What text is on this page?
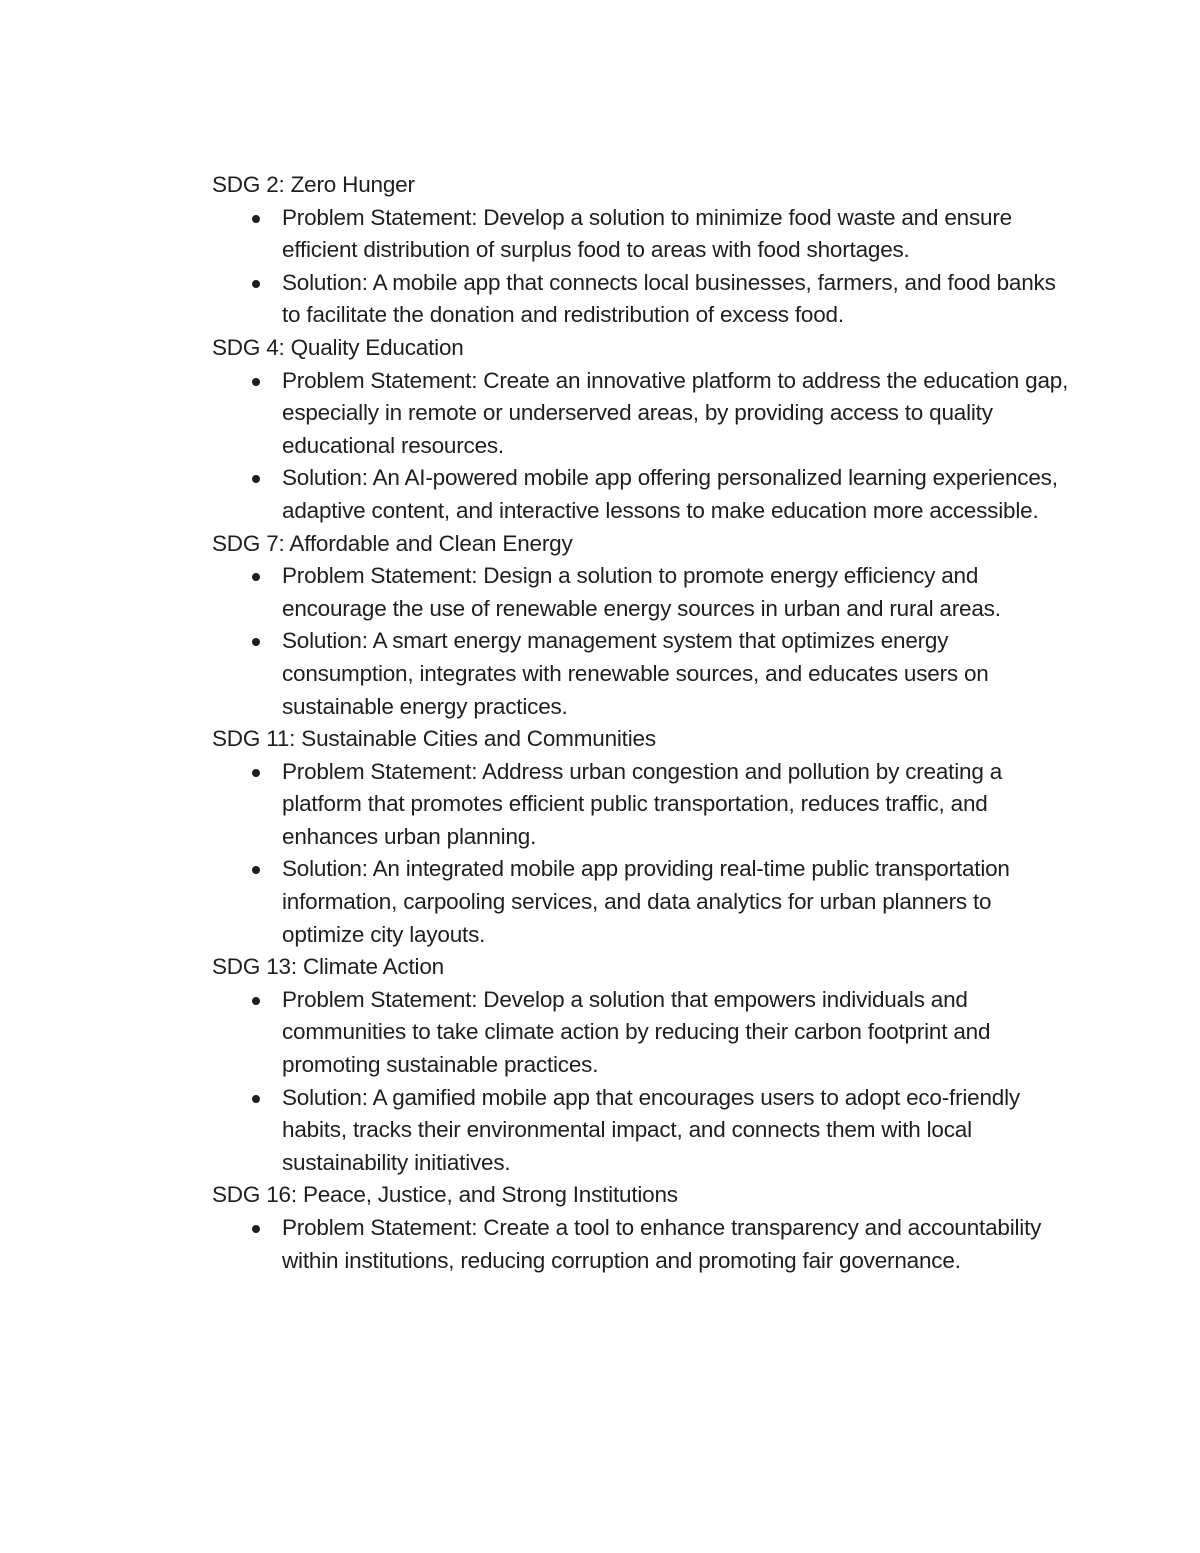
SDG 2: Zero Hunger

Problem Statement: Develop a solution to minimize food waste and ensure efficient distribution of surplus food to areas with food shortages.
Solution: A mobile app that connects local businesses, farmers, and food banks to facilitate the donation and redistribution of excess food.

SDG 4: Quality Education

Problem Statement: Create an innovative platform to address the education gap, especially in remote or underserved areas, by providing access to quality educational resources.
Solution: An AI-powered mobile app offering personalized learning experiences, adaptive content, and interactive lessons to make education more accessible.

SDG 7: Affordable and Clean Energy

Problem Statement: Design a solution to promote energy efficiency and encourage the use of renewable energy sources in urban and rural areas.
Solution: A smart energy management system that optimizes energy consumption, integrates with renewable sources, and educates users on sustainable energy practices.

SDG 11: Sustainable Cities and Communities

Problem Statement: Address urban congestion and pollution by creating a platform that promotes efficient public transportation, reduces traffic, and enhances urban planning.
Solution: An integrated mobile app providing real-time public transportation information, carpooling services, and data analytics for urban planners to optimize city layouts.

SDG 13: Climate Action

Problem Statement: Develop a solution that empowers individuals and communities to take climate action by reducing their carbon footprint and promoting sustainable practices.
Solution: A gamified mobile app that encourages users to adopt eco-friendly habits, tracks their environmental impact, and connects them with local sustainability initiatives.

SDG 16: Peace, Justice, and Strong Institutions

Problem Statement: Create a tool to enhance transparency and accountability within institutions, reducing corruption and promoting fair governance.
